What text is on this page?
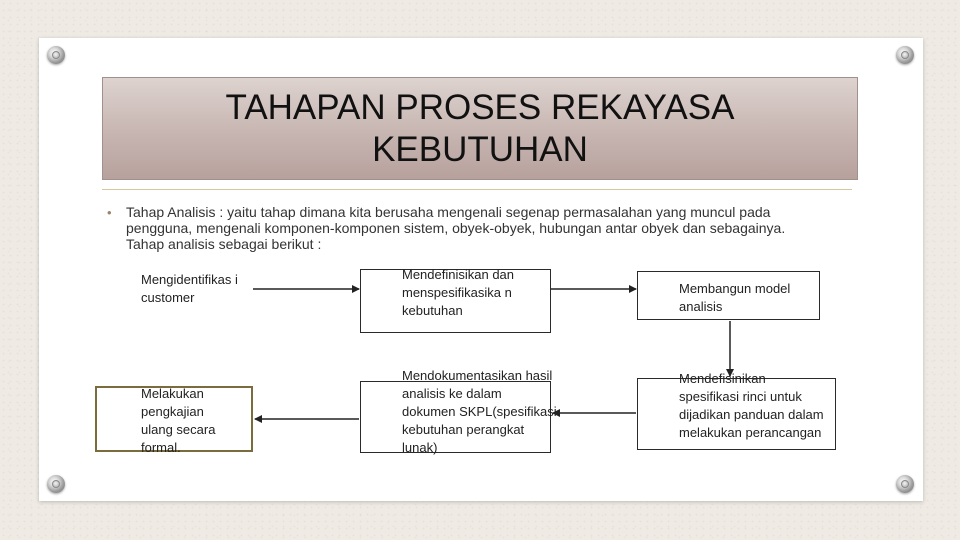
TAHAPAN PROSES REKAYASA
KEBUTUHAN
• Tahap Analisis : yaitu tahap dimana kita berusaha mengenali segenap permasalahan yang muncul pada pengguna, mengenali komponen-komponen sistem, obyek-obyek, hubungan antar obyek dan sebagainya. Tahap analisis sebagai berikut :

Mengidentifikas i customer
Mendefinisikan dan menspesifikasika n kebutuhan
Membangun model analisis
Mendefisinikan spesifikasi rinci untuk dijadikan panduan dalam melakukan perancangan
Mendokumentasikan hasil analisis ke dalam dokumen SKPL(spesifikasi kebutuhan perangkat lunak)
Melakukan pengkajian ulang secara formal.
